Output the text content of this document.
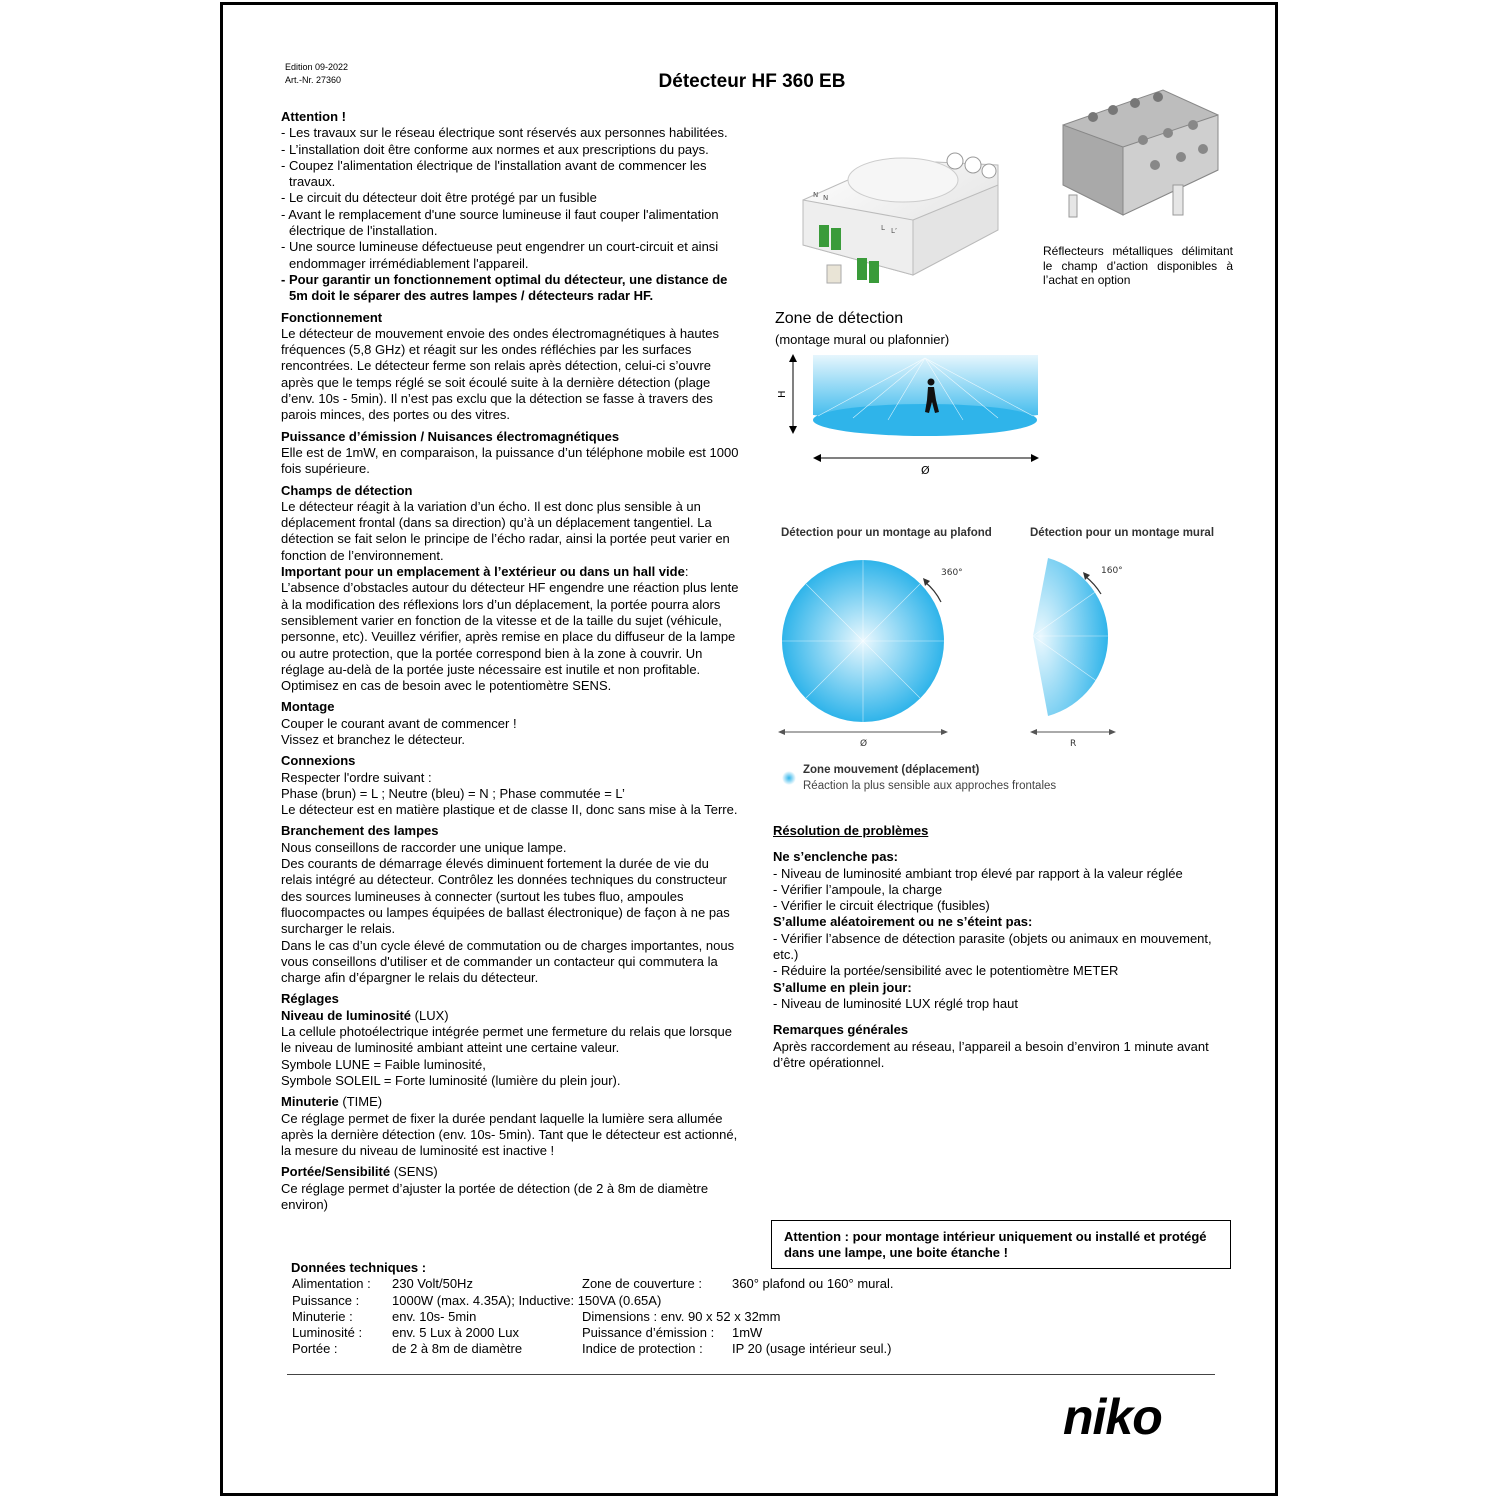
Edition 09-2022
Art.-Nr. 27360	Détecteur HF 360 EB
Attention !
- Les travaux sur le réseau électrique sont réservés aux personnes habilitées.
- L’installation doit être conforme aux normes et aux prescriptions du pays.
- Coupez l'alimentation électrique de l'installation avant de commencer les travaux.
- Le circuit du détecteur doit être protégé par un fusible
- Avant le remplacement d'une source lumineuse il faut couper l'alimentation électrique de l'installation.
- Une source lumineuse défectueuse peut engendrer un court-circuit et ainsi endommager irrémédiablement l'appareil.
- Pour garantir un fonctionnement optimal du détecteur, une distance de 5m doit le séparer des autres lampes / détecteurs radar HF.
Fonctionnement
Le détecteur de mouvement envoie des ondes électromagnétiques à hautes fréquences (5,8 GHz) et réagit sur les ondes réfléchies par les surfaces rencontrées. Le détecteur ferme son relais après détection, celui-ci s’ouvre après que le temps réglé se soit écoulé suite à la dernière détection (plage d’env. 10s - 5min). Il n’est pas exclu que la détection se fasse à travers des parois minces, des portes ou des vitres.
Puissance d’émission / Nuisances électromagnétiques
Elle est de 1mW, en comparaison, la puissance d’un téléphone mobile est 1000 fois supérieure.
Champs de détection
Le détecteur réagit à la variation d’un écho. Il est donc plus sensible à un déplacement frontal (dans sa direction) qu’à un déplacement tangentiel. La détection se fait selon le principe de l’écho radar, ainsi la portée peut varier en fonction de l’environnement.
Important pour un emplacement à l’extérieur ou dans un hall vide: L’absence d’obstacles autour du détecteur HF engendre une réaction plus lente à la modification des réflexions lors d’un déplacement, la portée pourra alors sensiblement varier en fonction de la vitesse et de la taille du sujet (véhicule, personne, etc). Veuillez vérifier, après remise en place du diffuseur de la lampe ou autre protection, que la portée correspond bien à la zone à couvrir. Un réglage au-delà de la portée juste nécessaire est inutile et non profitable. Optimisez en cas de besoin avec le potentiomètre SENS.
Montage
Couper le courant avant de commencer !
Vissez et branchez le détecteur.
Connexions
Respecter l'ordre suivant :
Phase (brun) = L ; Neutre (bleu) = N ; Phase commutée = L’
Le détecteur est en matière plastique et de classe II, donc sans mise à la Terre.
Branchement des lampes
Nous conseillons de raccorder une unique lampe.
Des courants de démarrage élevés diminuent fortement la durée de vie du relais intégré au détecteur. Contrôlez les données techniques du constructeur des sources lumineuses à connecter (surtout les tubes fluo, ampoules fluocompactes ou lampes équipées de ballast électronique) de façon à ne pas surcharger le relais.
Dans le cas d’un cycle élevé de commutation ou de charges importantes, nous vous conseillons d'utiliser et de commander un contacteur qui commutera la charge afin d’épargner le relais du détecteur.
Réglages
Niveau de luminosité (LUX)
La cellule photoélectrique intégrée permet une fermeture du relais que lorsque le niveau de luminosité ambiant atteint une certaine valeur.
Symbole LUNE = Faible luminosité,
Symbole SOLEIL = Forte luminosité (lumière du plein jour).
Minuterie (TIME)
Ce réglage permet de fixer la durée pendant laquelle la lumière sera allumée après la dernière détection (env. 10s- 5min). Tant que le détecteur est actionné, la mesure du niveau de luminosité est inactive !
Portée/Sensibilité (SENS)
Ce réglage permet d’ajuster la portée de détection (de 2 à 8m de diamètre environ)
Données techniques :
Alimentation :	230 Volt/50Hz	Zone de couverture :	360° plafond ou 160° mural.
Puissance :	1000W (max. 4.35A); Inductive: 150VA (0.65A)
Minuterie :	env. 10s- 5min	Dimensions : env. 90 x 52 x 32mm
Luminosité :	env. 5 Lux à 2000 Lux	Puissance d’émission :	1mW
Portée :	de 2 à 8m de diamètre	Indice de protection :	IP 20 (usage intérieur seul.)
N N
L L’
Réflecteurs métalliques délimitant le champ d’action disponibles à l’achat en option
Zone de détection
(montage mural ou plafonnier)
H
Ø
Détection pour un montage au plafond	Détection pour un montage mural
360°
Ø
160°
R
Zone mouvement (déplacement)
Réaction la plus sensible aux approches frontales
Résolution de problèmes
Ne s’enclenche pas:
- Niveau de luminosité ambiant trop élevé par rapport à la valeur réglée
- Vérifier l’ampoule, la charge
- Vérifier le circuit électrique (fusibles)
S’allume aléatoirement ou ne s’éteint pas:
- Vérifier l’absence de détection parasite (objets ou animaux en mouvement, etc.)
- Réduire la portée/sensibilité avec le potentiomètre METER
S’allume en plein jour:
- Niveau de luminosité LUX réglé trop haut
Remarques générales
Après raccordement au réseau, l’appareil a besoin d’environ 1 minute avant d’être opérationnel.
Attention : pour montage intérieur uniquement ou installé et protégé dans une lampe, une boite étanche !
niko
